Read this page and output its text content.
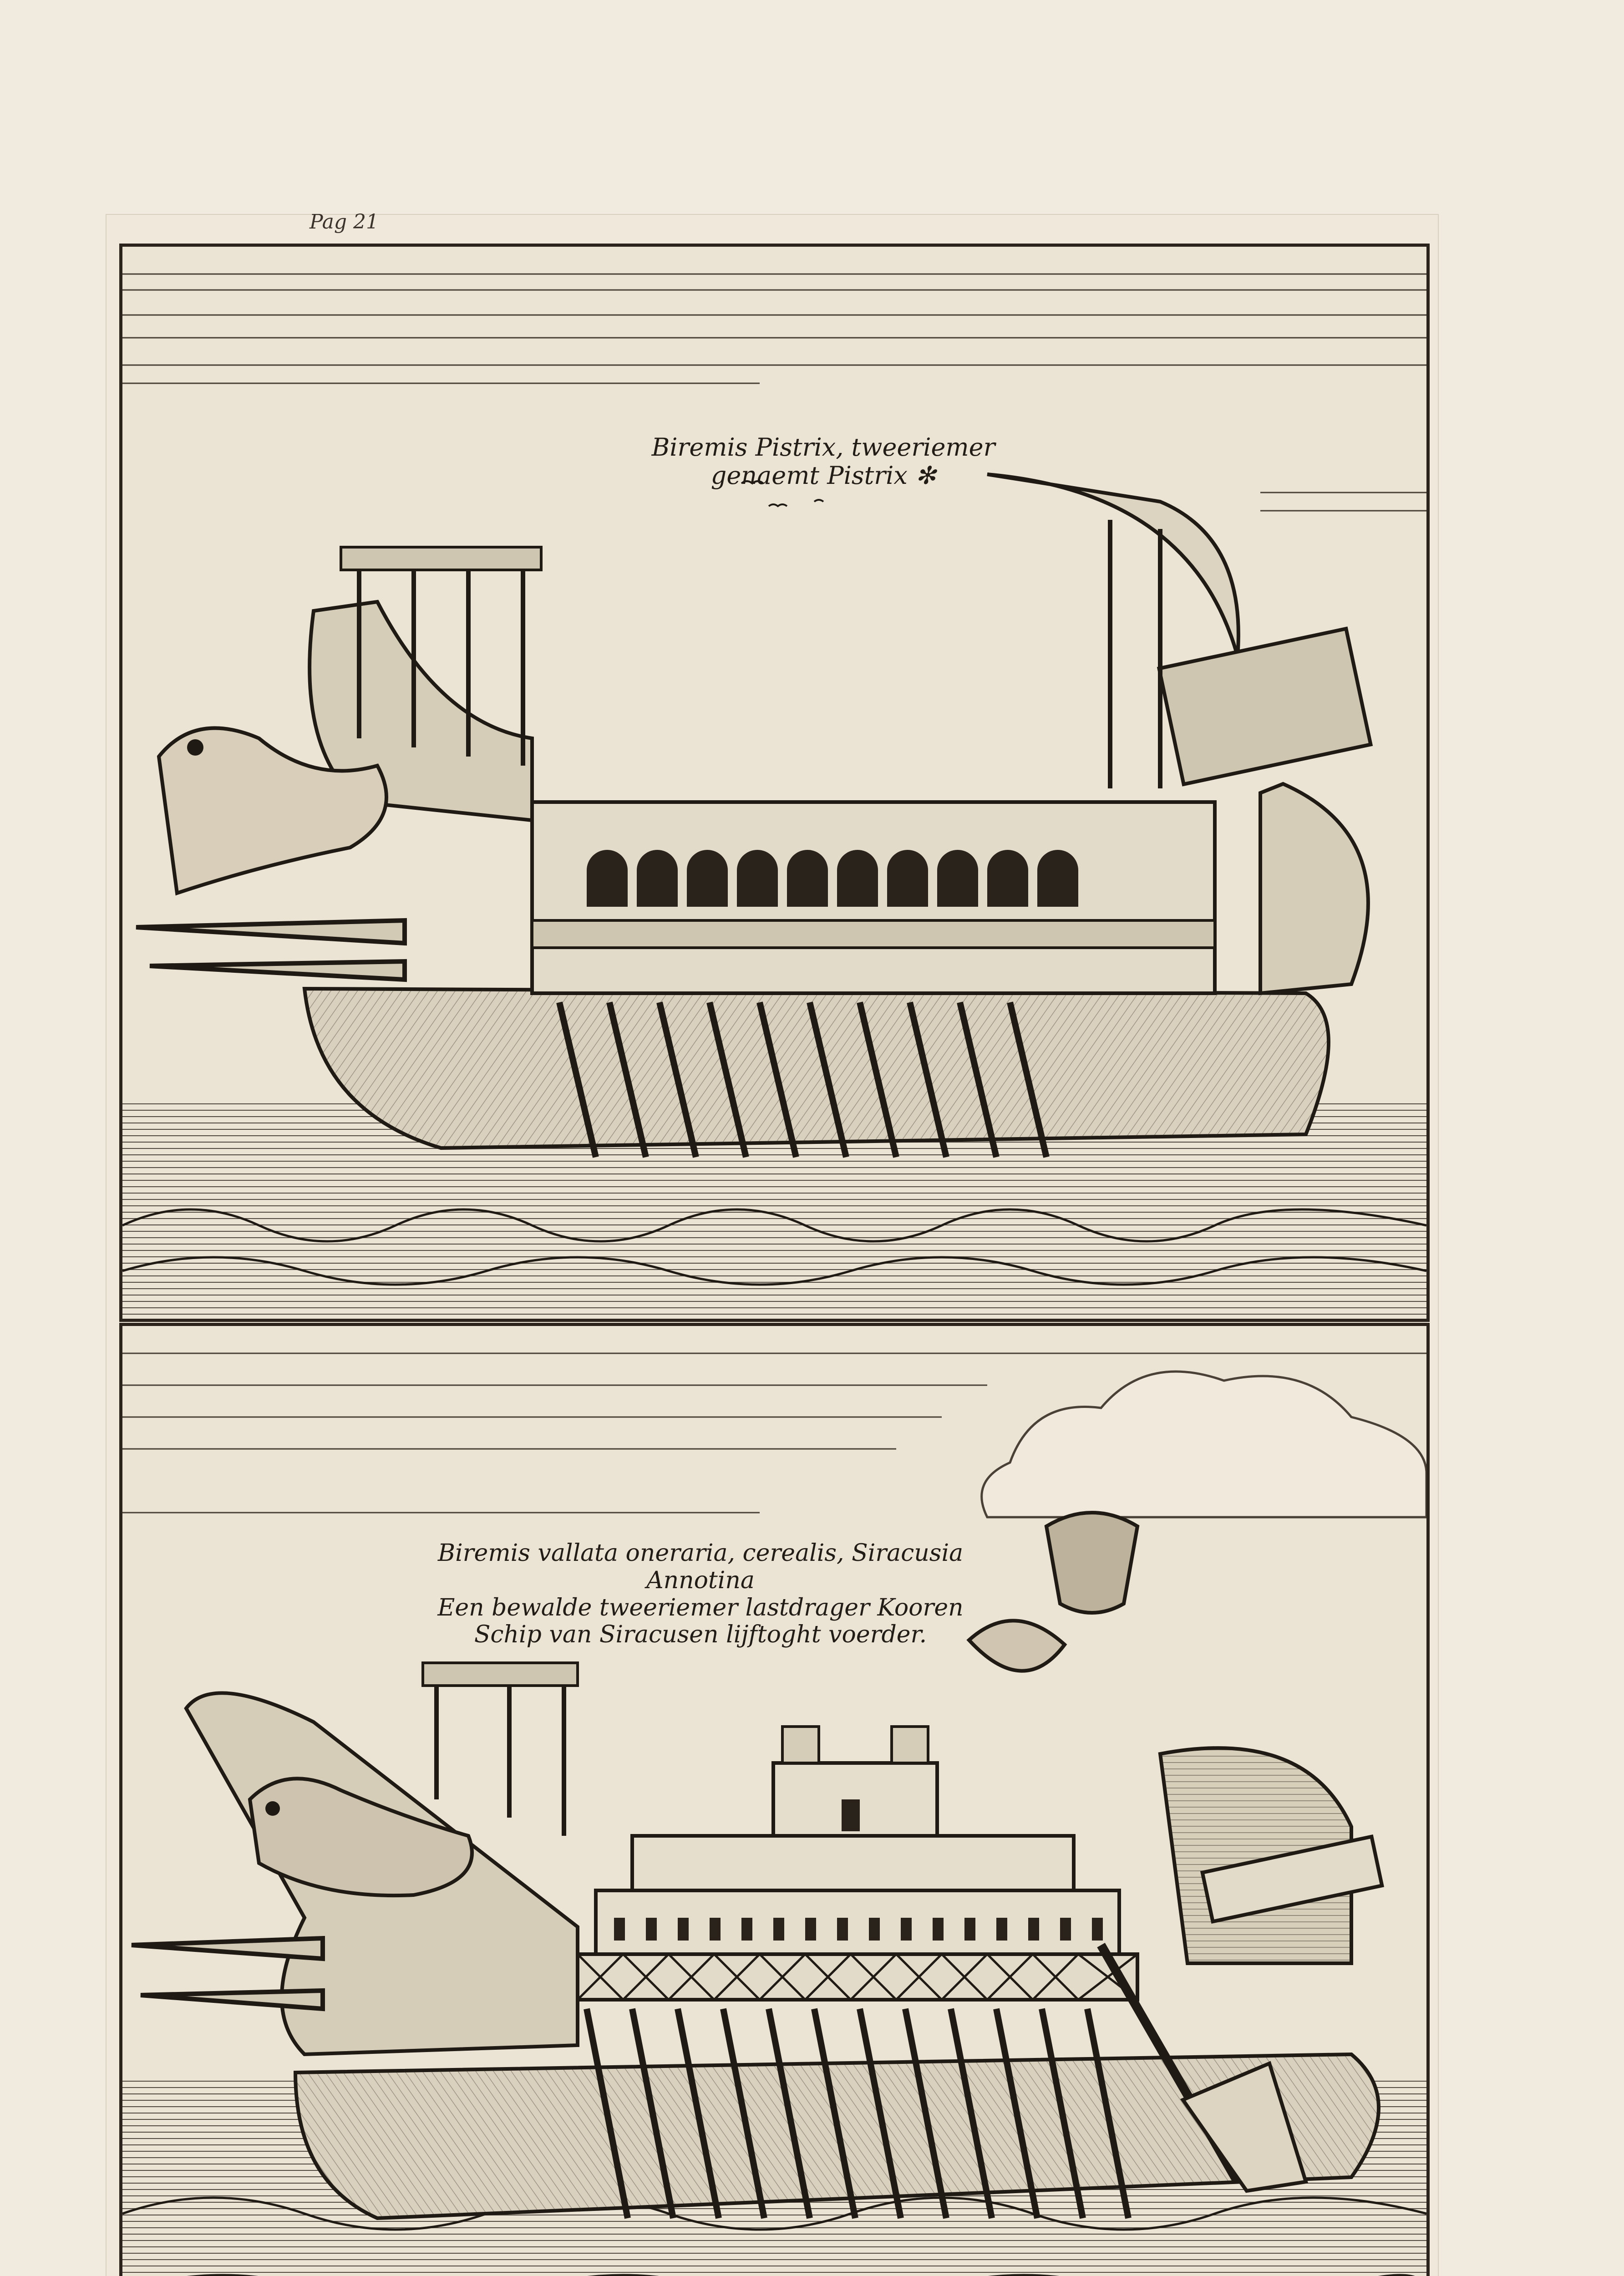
Pag 21
Biremis Pistrix, tweeriemer
genaemt Pistrix ✻
Biremis vallata oneraria, cerealis, Siracusia
Annotina
Een bewalde tweeriemer lastdrager Kooren
Schip van Siracusen lijftoght voerder.
